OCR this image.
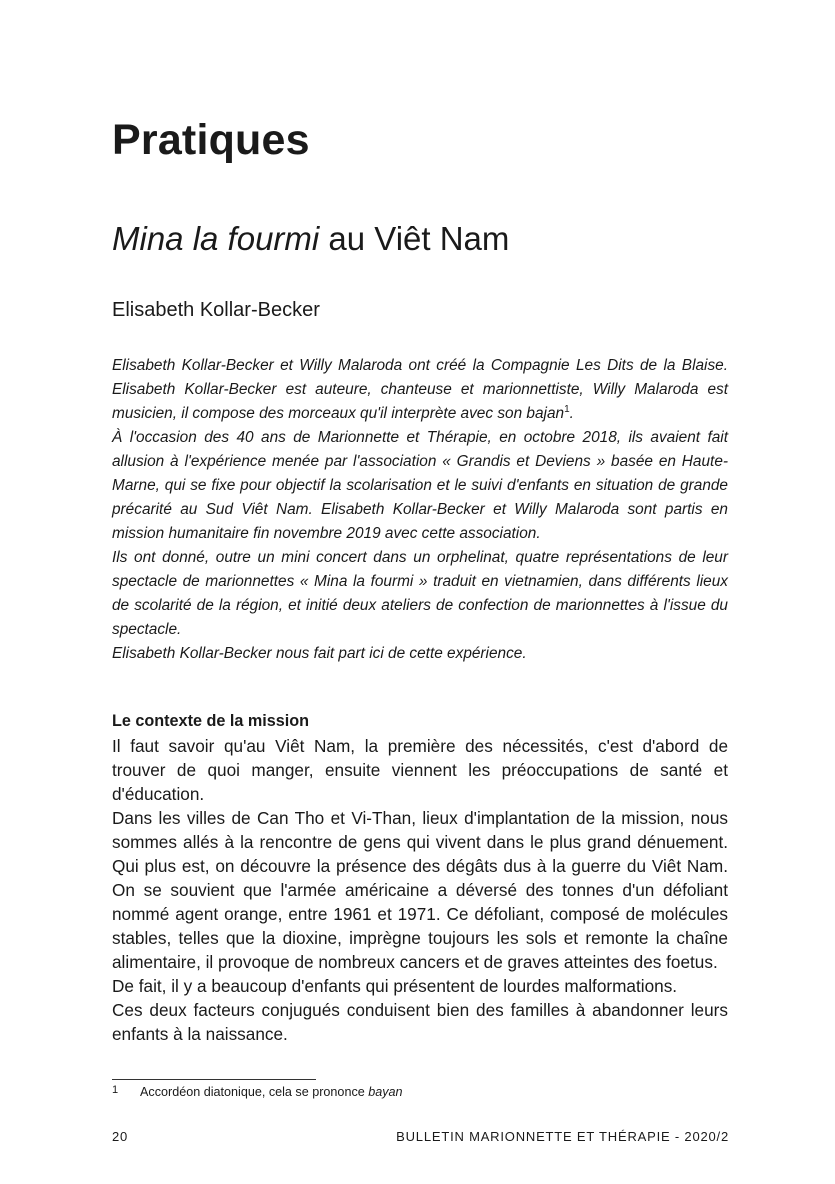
Pratiques
Mina la fourmi au Viêt Nam
Elisabeth Kollar-Becker

Elisabeth Kollar-Becker et Willy Malaroda ont créé la Compagnie Les Dits de la Blaise. Elisabeth Kollar-Becker est auteure, chanteuse et marionnettiste, Willy Malaroda est musicien, il compose des morceaux qu'il interprète avec son bajan$^1$.

À l'occasion des 40 ans de Marionnette et Thérapie, en octobre 2018, ils avaient fait allusion à l'expérience menée par l'association « Grandis et Deviens » basée en Haute-Marne, qui se fixe pour objectif la scolarisation et le suivi d'enfants en situation de grande précarité au Sud Viêt Nam. Elisabeth Kollar-Becker et Willy Malaroda sont partis en mission humanitaire fin novembre 2019 avec cette association.

Ils ont donné, outre un mini concert dans un orphelinat, quatre représentations de leur spectacle de marionnettes « Mina la fourmi » traduit en vietnamien, dans différents lieux de scolarité de la région, et initié deux ateliers de confection de marionnettes à l'issue du spectacle.

Elisabeth Kollar-Becker nous fait part ici de cette expérience.

Le contexte de la mission

Il faut savoir qu'au Viêt Nam, la première des nécessités, c'est d'abord de trouver de quoi manger, ensuite viennent les préoccupations de santé et d'éducation.

Dans les villes de Can Tho et Vi-Than, lieux d'implantation de la mission, nous sommes allés à la rencontre de gens qui vivent dans le plus grand dénuement. Qui plus est, on découvre la présence des dégâts dus à la guerre du Viêt Nam. On se souvient que l'armée américaine a déversé des tonnes d'un défoliant nommé agent orange, entre 1961 et 1971. Ce défoliant, composé de molécules stables, telles que la dioxine, imprègne toujours les sols et remonte la chaîne alimentaire, il provoque de nombreux cancers et de graves atteintes des foetus.

De fait, il y a beaucoup d'enfants qui présentent de lourdes malformations.

Ces deux facteurs conjugués conduisent bien des familles à abandonner leurs enfants à la naissance.

1 Accordéon diatonique, cela se prononce bayan
20	BULLETIN MARIONNETTE ET THÉRAPIE - 2020/2
